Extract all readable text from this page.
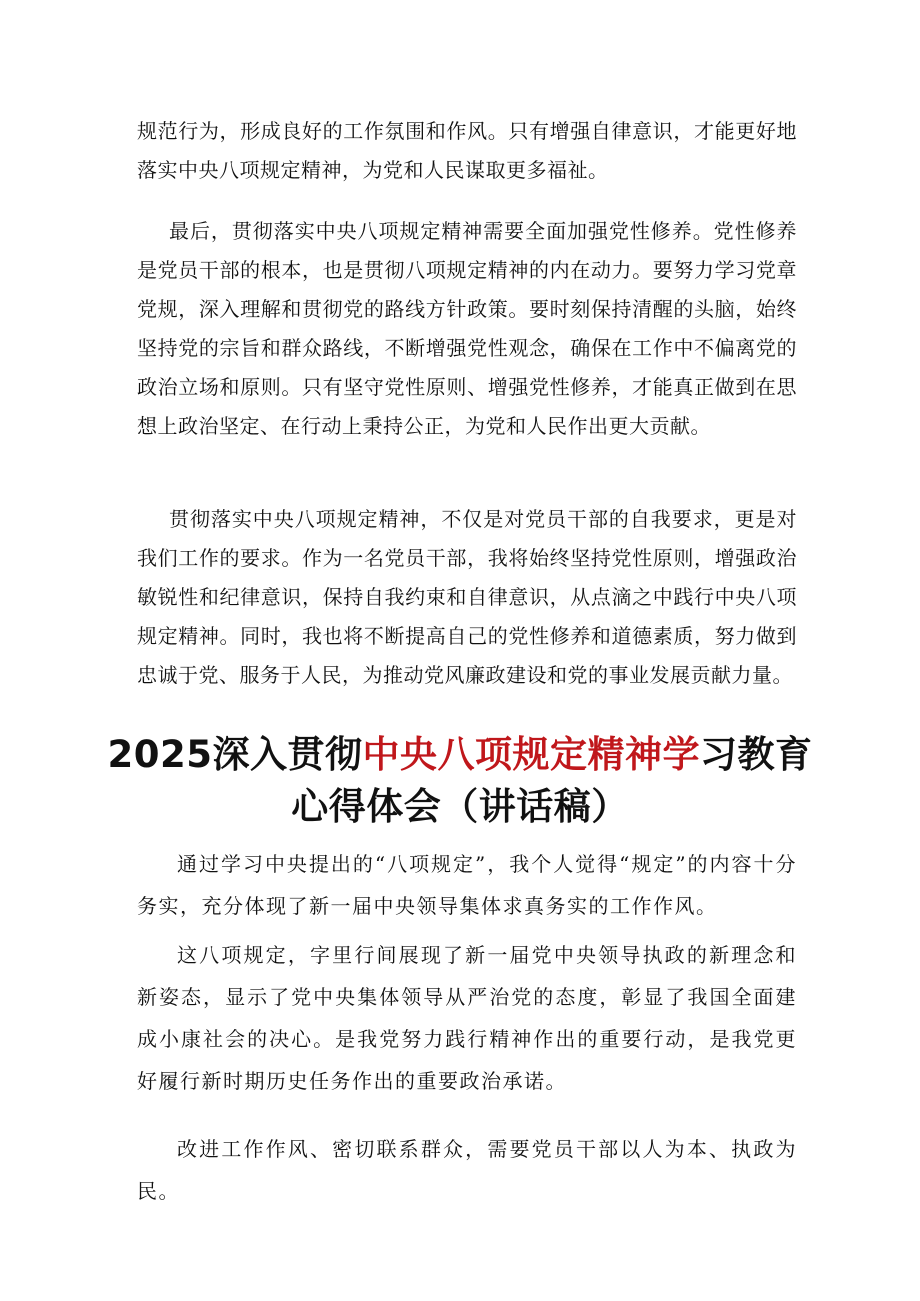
规范行为，形成良好的工作氛围和作风。只有增强自律意识，才能更好地落实中央八项规定精神，为党和人民谋取更多福祉。

最后，贯彻落实中央八项规定精神需要全面加强党性修养。党性修养是党员干部的根本，也是贯彻八项规定精神的内在动力。要努力学习党章党规，深入理解和贯彻党的路线方针政策。要时刻保持清醒的头脑，始终坚持党的宗旨和群众路线，不断增强党性观念，确保在工作中不偏离党的政治立场和原则。只有坚守党性原则、增强党性修养，才能真正做到在思想上政治坚定、在行动上秉持公正，为党和人民作出更大贡献。

贯彻落实中央八项规定精神，不仅是对党员干部的自我要求，更是对我们工作的要求。作为一名党员干部，我将始终坚持党性原则，增强政治敏锐性和纪律意识，保持自我约束和自律意识，从点滴之中践行中央八项规定精神。同时，我也将不断提高自己的党性修养和道德素质，努力做到忠诚于党、服务于人民，为推动党风廉政建设和党的事业发展贡献力量。

2025深入贯彻中央八项规定精神学习教育
心得体会（讲话稿）

通过学习中央提出的“八项规定”，我个人觉得“规定”的内容十分务实，充分体现了新一届中央领导集体求真务实的工作作风。

这八项规定，字里行间展现了新一届党中央领导执政的新理念和新姿态，显示了党中央集体领导从严治党的态度，彰显了我国全面建成小康社会的决心。是我党努力践行精神作出的重要行动，是我党更好履行新时期历史任务作出的重要政治承诺。

改进工作作风、密切联系群众，需要党员干部以人为本、执政为民。
